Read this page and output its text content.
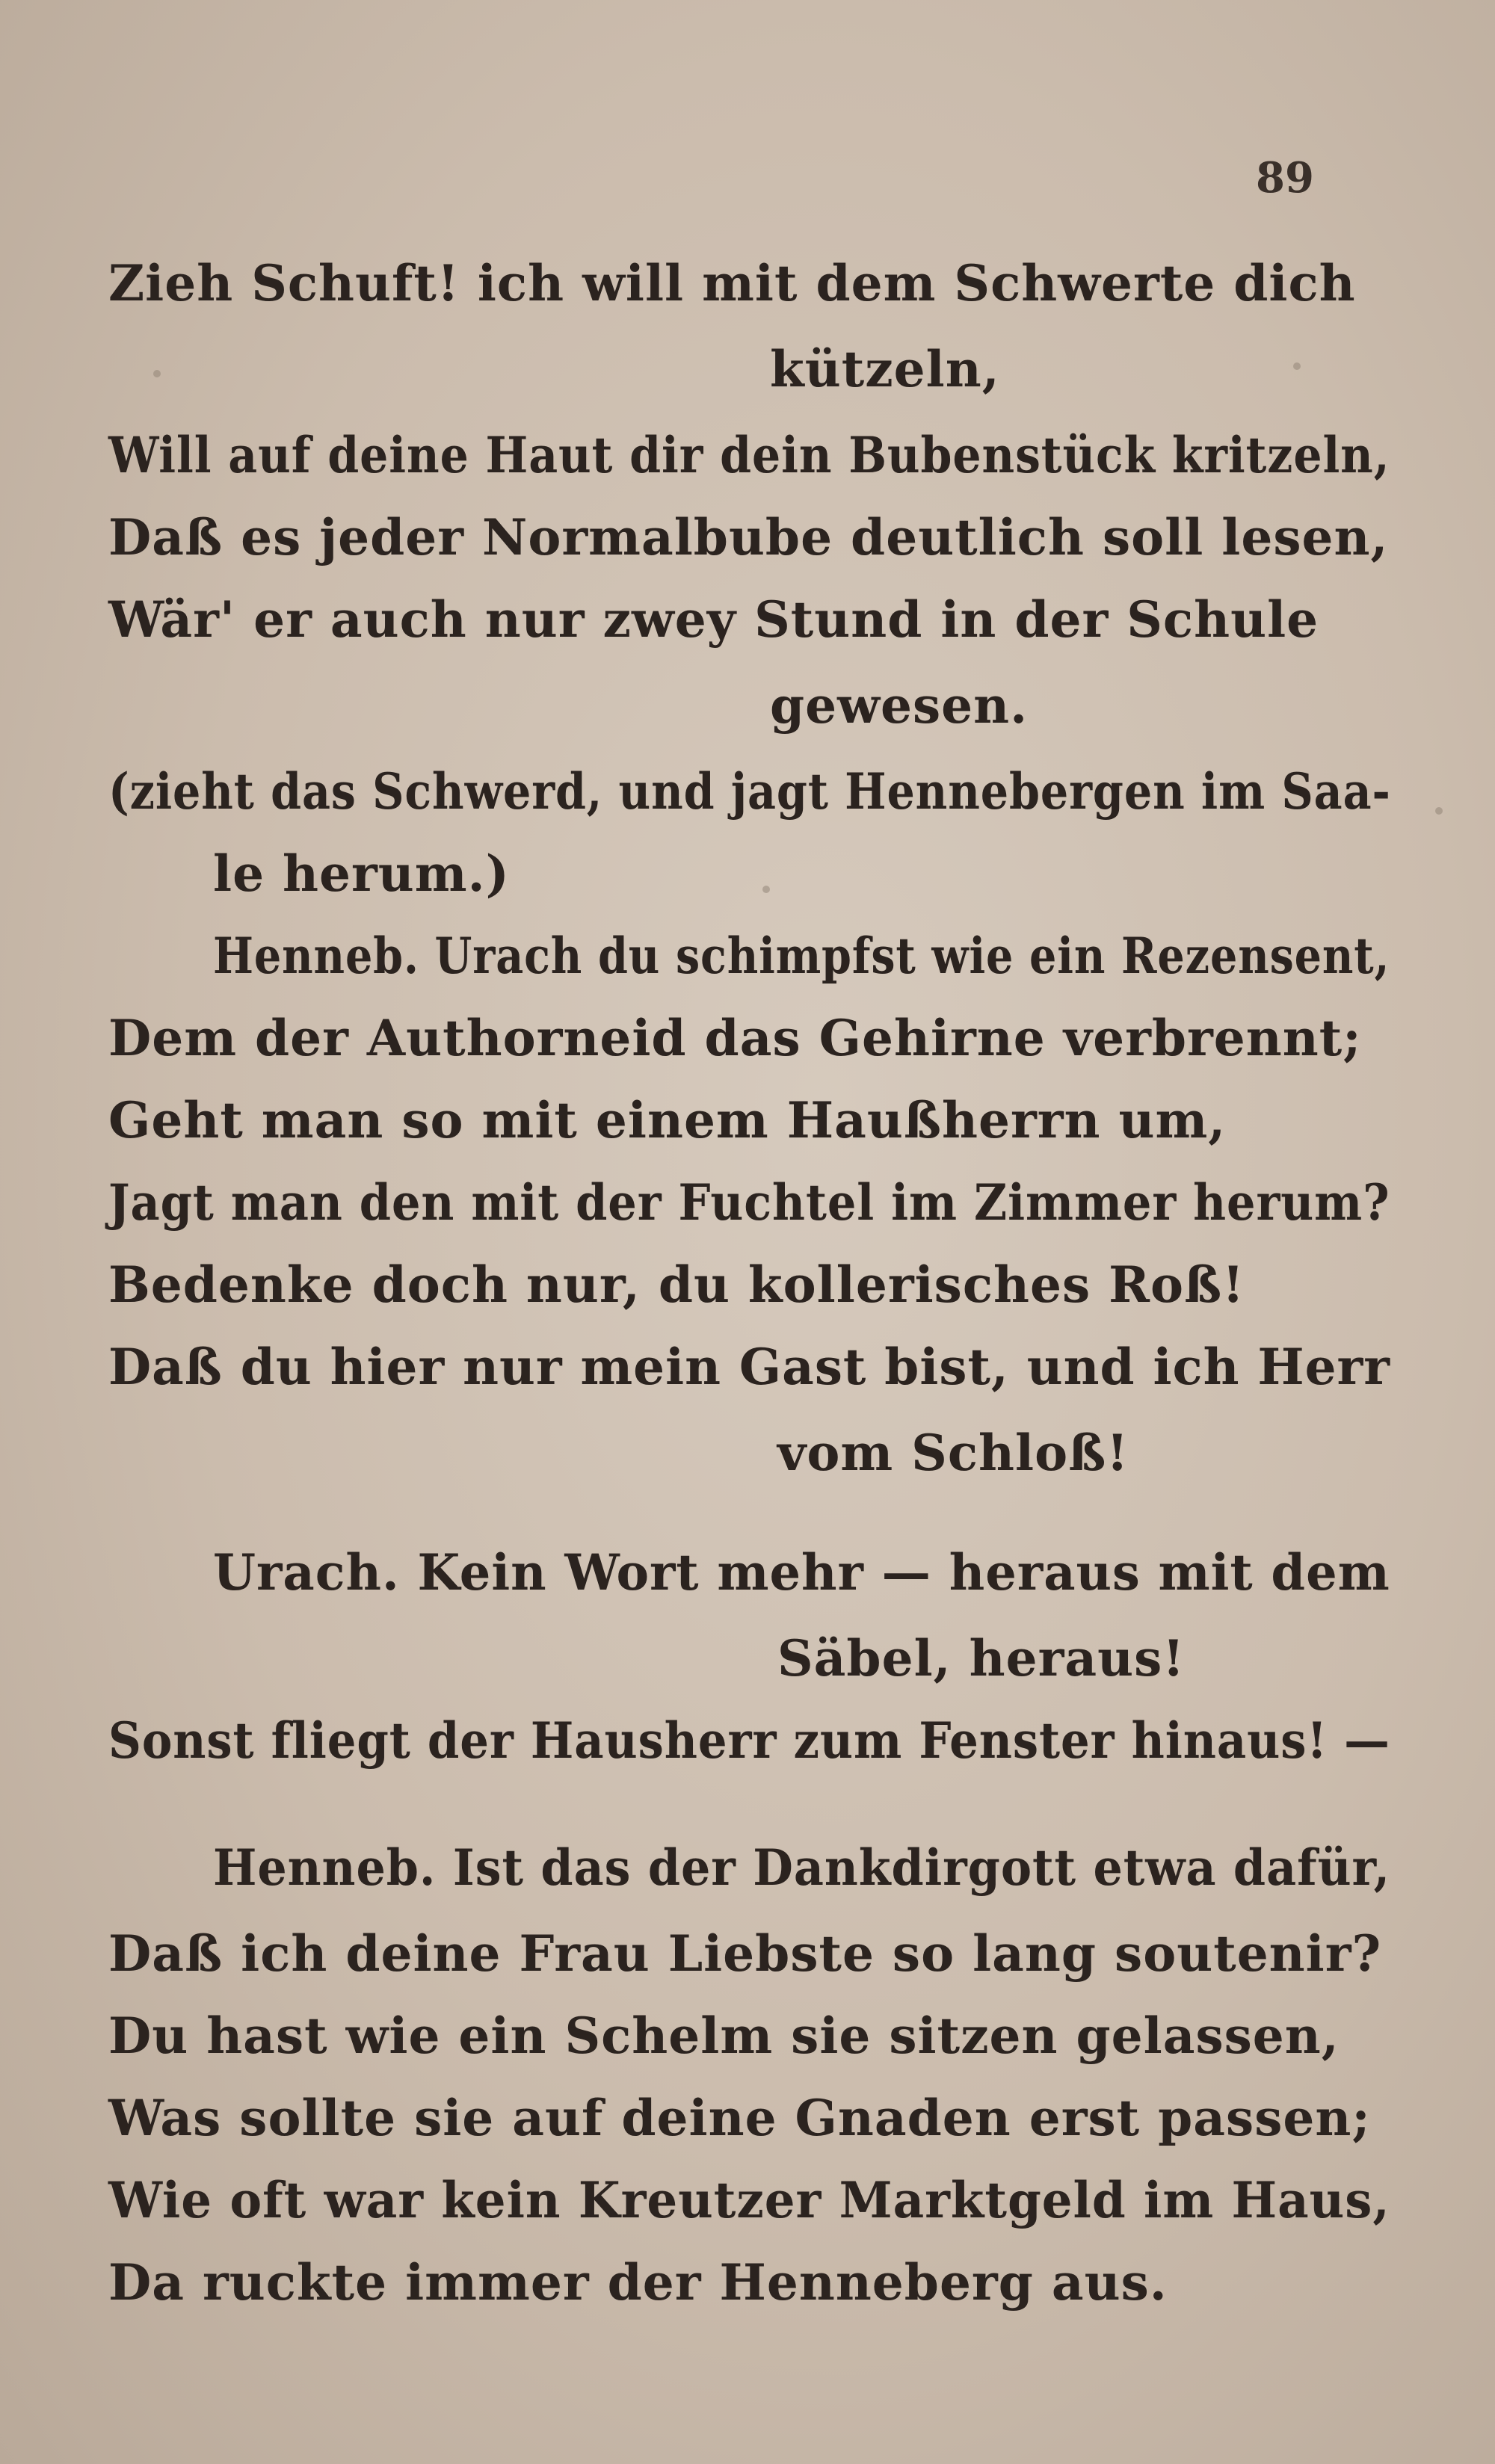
89
Zieh Schuft! ich will mit dem Schwerte dich
kützeln,
Will auf deine Haut dir dein Bubenstück kritzeln,
Daß es jeder Normalbube deutlich soll lesen,
Wär' er auch nur zwey Stund in der Schule
gewesen.
(zieht das Schwerd, und jagt Hennebergen im Saa-
le herum.)
Henneb. Urach du schimpfst wie ein Rezensent,
Dem der Authorneid das Gehirne verbrennt;
Geht man so mit einem Haußherrn um,
Jagt man den mit der Fuchtel im Zimmer herum?
Bedenke doch nur, du kollerisches Roß!
Daß du hier nur mein Gast bist, und ich Herr
vom Schloß!
Urach. Kein Wort mehr — heraus mit dem
Säbel, heraus!
Sonst fliegt der Hausherr zum Fenster hinaus! —
Henneb. Ist das der Dankdirgott etwa dafür,
Daß ich deine Frau Liebste so lang soutenir?
Du hast wie ein Schelm sie sitzen gelassen,
Was sollte sie auf deine Gnaden erst passen;
Wie oft war kein Kreutzer Marktgeld im Haus,
Da ruckte immer der Henneberg aus.
